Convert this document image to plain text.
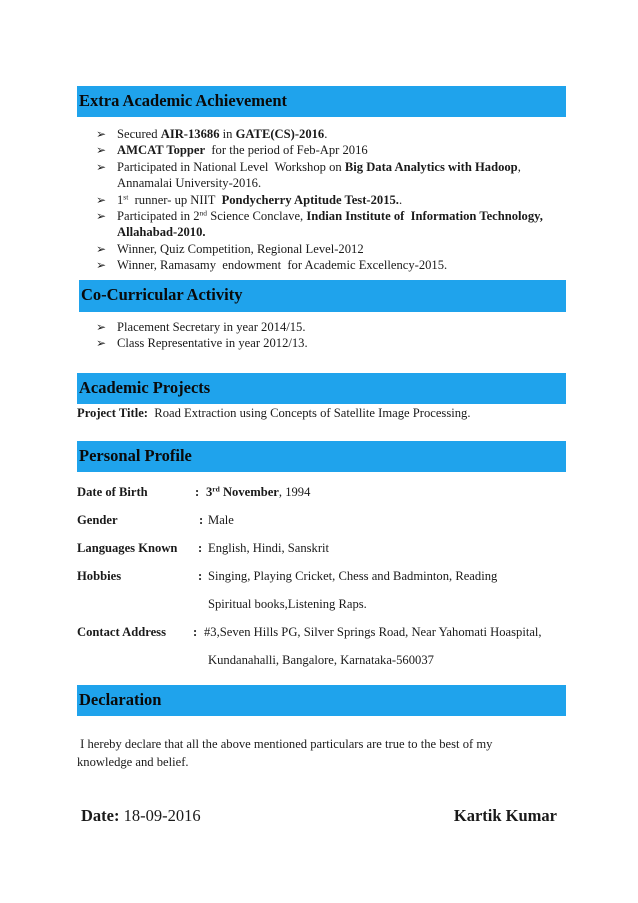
Extra Academic Achievement
➢ Secured AIR-13686 in GATE(CS)-2016.
➢ AMCAT Topper  for the period of Feb-Apr 2016
➢ Participated in National Level  Workshop on Big Data Analytics with Hadoop,
Annamalai University-2016.
➢ 1st  runner- up NIIT  Pondycherry Aptitude Test-2015..
➢ Participated in 2nd Science Conclave, Indian Institute of  Information Technology,
Allahabad-2010.
➢ Winner, Quiz Competition, Regional Level-2012
➢ Winner, Ramasamy  endowment  for Academic Excellency-2015.
Co-Curricular Activity
➢ Placement Secretary in year 2014/15.
➢ Class Representative in year 2012/13.
Academic Projects
Project Title:  Road Extraction using Concepts of Satellite Image Processing.
Personal Profile
Date of Birth	: 3rd November, 1994
Gender	: Male
Languages Known : English, Hindi, Sanskrit
Hobbies	: Singing, Playing Cricket, Chess and Badminton, Reading
Spiritual books,Listening Raps.
Contact Address : #3,Seven Hills PG, Silver Springs Road, Near Yahomati Hoaspital,
Kundanahalli, Bangalore, Karnataka-560037
Declaration
I hereby declare that all the above mentioned particulars are true to the best of my
knowledge and belief.
Date: 18-09-2016	Kartik Kumar
